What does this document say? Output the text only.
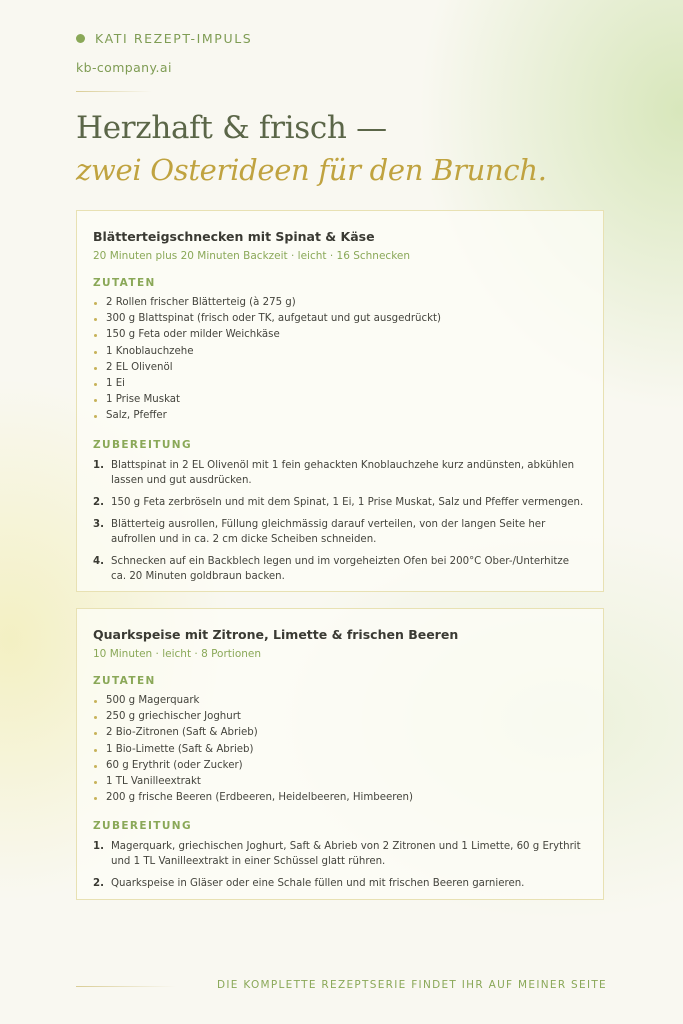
KATI REZEPT-IMPULS
kb-company.ai
Herzhaft & frisch —
zwei Osterideen für den Brunch.
Blätterteigschnecken mit Spinat & Käse
20 Minuten plus 20 Minuten Backzeit · leicht · 16 Schnecken
ZUTATEN
2 Rollen frischer Blätterteig (à 275 g)
300 g Blattspinat (frisch oder TK, aufgetaut und gut ausgedrückt)
150 g Feta oder milder Weichkäse
1 Knoblauchzehe
2 EL Olivenöl
1 Ei
1 Prise Muskat
Salz, Pfeffer
ZUBEREITUNG
1. Blattspinat in 2 EL Olivenöl mit 1 fein gehackten Knoblauchzehe kurz andünsten, abkühlen lassen und gut ausdrücken.
2. 150 g Feta zerbröseln und mit dem Spinat, 1 Ei, 1 Prise Muskat, Salz und Pfeffer vermengen.
3. Blätterteig ausrollen, Füllung gleichmässig darauf verteilen, von der langen Seite her aufrollen und in ca. 2 cm dicke Scheiben schneiden.
4. Schnecken auf ein Backblech legen und im vorgeheizten Ofen bei 200°C Ober-/Unterhitze ca. 20 Minuten goldbraun backen.
Quarkspeise mit Zitrone, Limette & frischen Beeren
10 Minuten · leicht · 8 Portionen
ZUTATEN
500 g Magerquark
250 g griechischer Joghurt
2 Bio-Zitronen (Saft & Abrieb)
1 Bio-Limette (Saft & Abrieb)
60 g Erythrit (oder Zucker)
1 TL Vanilleextrakt
200 g frische Beeren (Erdbeeren, Heidelbeeren, Himbeeren)
ZUBEREITUNG
1. Magerquark, griechischen Joghurt, Saft & Abrieb von 2 Zitronen und 1 Limette, 60 g Erythrit und 1 TL Vanilleextrakt in einer Schüssel glatt rühren.
2. Quarkspeise in Gläser oder eine Schale füllen und mit frischen Beeren garnieren.
DIE KOMPLETTE REZEPTSERIE FINDET IHR AUF MEINER SEITE
